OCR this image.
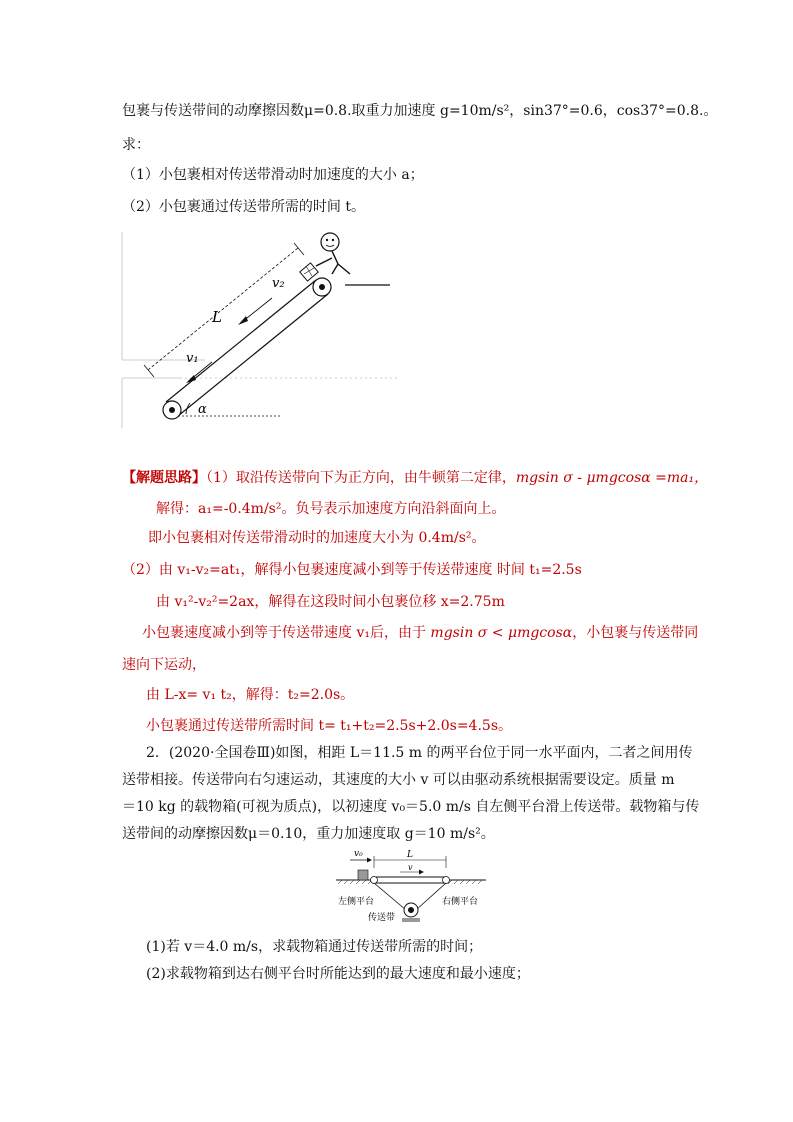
包裹与传送带间的动摩擦因数μ=0.8.取重力加速度 g=10m/s²，sin37°=0.6，cos37°=0.8.。
求：
（1）小包裹相对传送带滑动时加速度的大小 a；
（2）小包裹通过传送带所需的时间 t。
L
v₂
v₁
α
【解题思路】（1）取沿传送带向下为正方向，由牛顿第二定律，mgsin σ - μmgcosα =ma₁，
解得：a₁=-0.4m/s²。负号表示加速度方向沿斜面向上。
即小包裹相对传送带滑动时的加速度大小为 0.4m/s²。
（2）由 v₁-v₂=at₁，解得小包裹速度减小到等于传送带速度 时间 t₁=2.5s
由 v₁²-v₂²=2ax，解得在这段时间小包裹位移 x=2.75m
小包裹速度减小到等于传送带速度 v₁后，由于 mgsin σ < μmgcosα，小包裹与传送带同
速向下运动，
由 L-x= v₁ t₂，解得：t₂=2.0s。
小包裹通过传送带所需时间 t= t₁+t₂=2.5s+2.0s=4.5s。
2．(2020·全国卷Ⅲ)如图，相距 L＝11.5 m 的两平台位于同一水平面内，二者之间用传
送带相接。传送带向右匀速运动，其速度的大小 v 可以由驱动系统根据需要设定。质量 m
＝10 kg 的载物箱(可视为质点)，以初速度 v₀＝5.0 m/s 自左侧平台滑上传送带。载物箱与传
送带间的动摩擦因数μ＝0.10，重力加速度取 g＝10 m/s²。
v₀	L
v
左侧平台	右侧平台
传送带
(1)若 v＝4.0 m/s，求载物箱通过传送带所需的时间；
(2)求载物箱到达右侧平台时所能达到的最大速度和最小速度；
